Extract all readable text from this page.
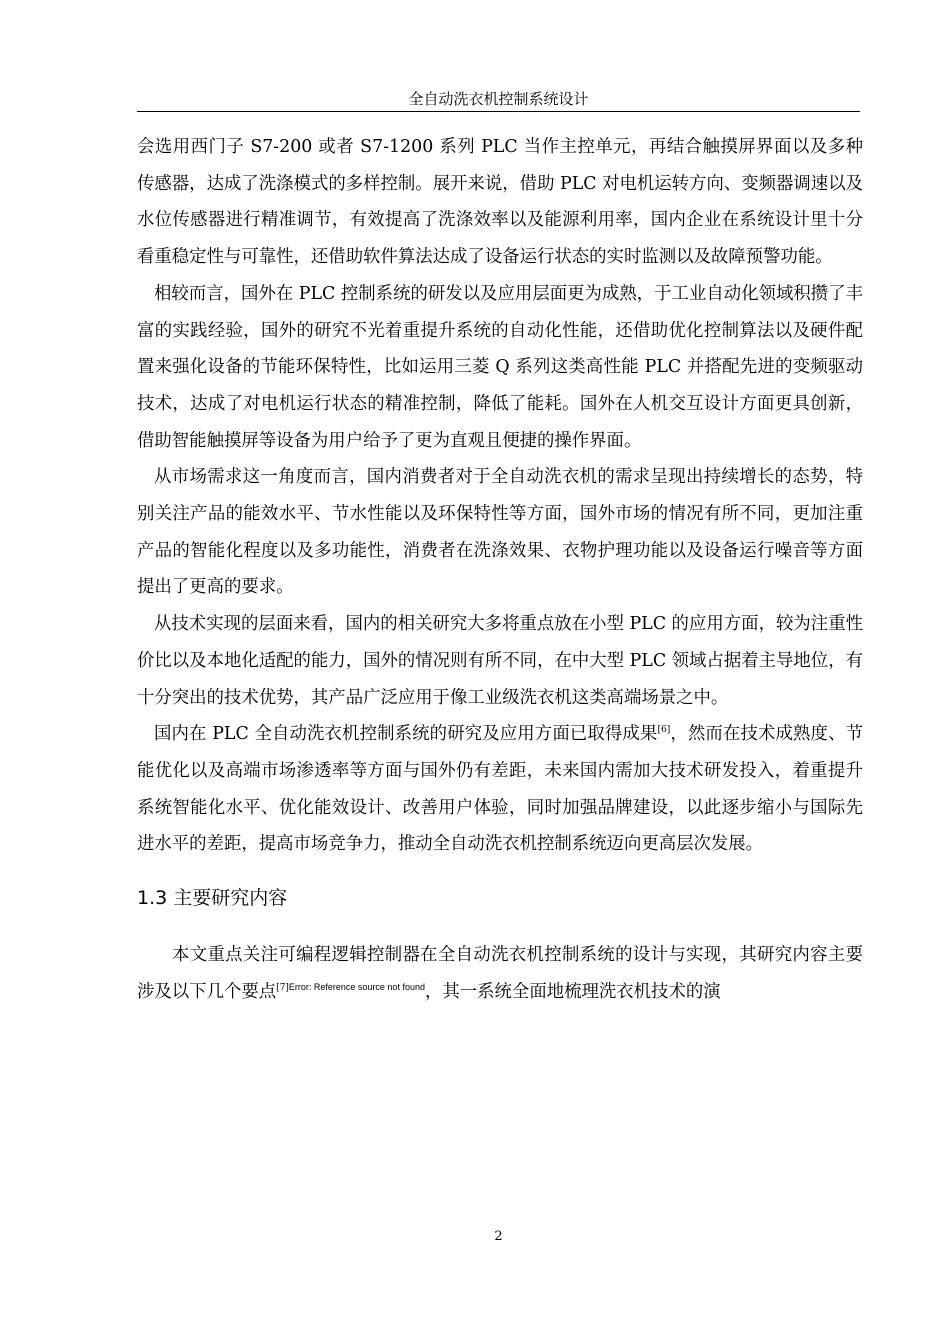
全自动洗衣机控制系统设计

会选用西门子 S7-200 或者 S7-1200 系列 PLC 当作主控单元，再结合触摸屏界面以及多种传感器，达成了洗涤模式的多样控制。展开来说，借助 PLC 对电机运转方向、变频器调速以及水位传感器进行精准调节，有效提高了洗涤效率以及能源利用率，国内企业在系统设计里十分看重稳定性与可靠性，还借助软件算法达成了设备运行状态的实时监测以及故障预警功能。

相较而言，国外在 PLC 控制系统的研发以及应用层面更为成熟，于工业自动化领域积攒了丰富的实践经验，国外的研究不光着重提升系统的自动化性能，还借助优化控制算法以及硬件配置来强化设备的节能环保特性，比如运用三菱 Q 系列这类高性能 PLC 并搭配先进的变频驱动技术，达成了对电机运行状态的精准控制，降低了能耗。国外在人机交互设计方面更具创新，借助智能触摸屏等设备为用户给予了更为直观且便捷的操作界面。

从市场需求这一角度而言，国内消费者对于全自动洗衣机的需求呈现出持续增长的态势，特别关注产品的能效水平、节水性能以及环保特性等方面，国外市场的情况有所不同，更加注重产品的智能化程度以及多功能性，消费者在洗涤效果、衣物护理功能以及设备运行噪音等方面提出了更高的要求。

从技术实现的层面来看，国内的相关研究大多将重点放在小型 PLC 的应用方面，较为注重性价比以及本地化适配的能力，国外的情况则有所不同，在中大型 PLC 领域占据着主导地位，有十分突出的技术优势，其产品广泛应用于像工业级洗衣机这类高端场景之中。

国内在 PLC 全自动洗衣机控制系统的研究及应用方面已取得成果[6]，然而在技术成熟度、节能优化以及高端市场渗透率等方面与国外仍有差距，未来国内需加大技术研发投入，着重提升系统智能化水平、优化能效设计、改善用户体验，同时加强品牌建设，以此逐步缩小与国际先进水平的差距，提高市场竞争力，推动全自动洗衣机控制系统迈向更高层次发展。

1.3 主要研究内容

本文重点关注可编程逻辑控制器在全自动洗衣机控制系统的设计与实现，其研究内容主要涉及以下几个要点$^{[7]Error: Reference source not found}$，其一系统全面地梳理洗衣机技术的演

2
